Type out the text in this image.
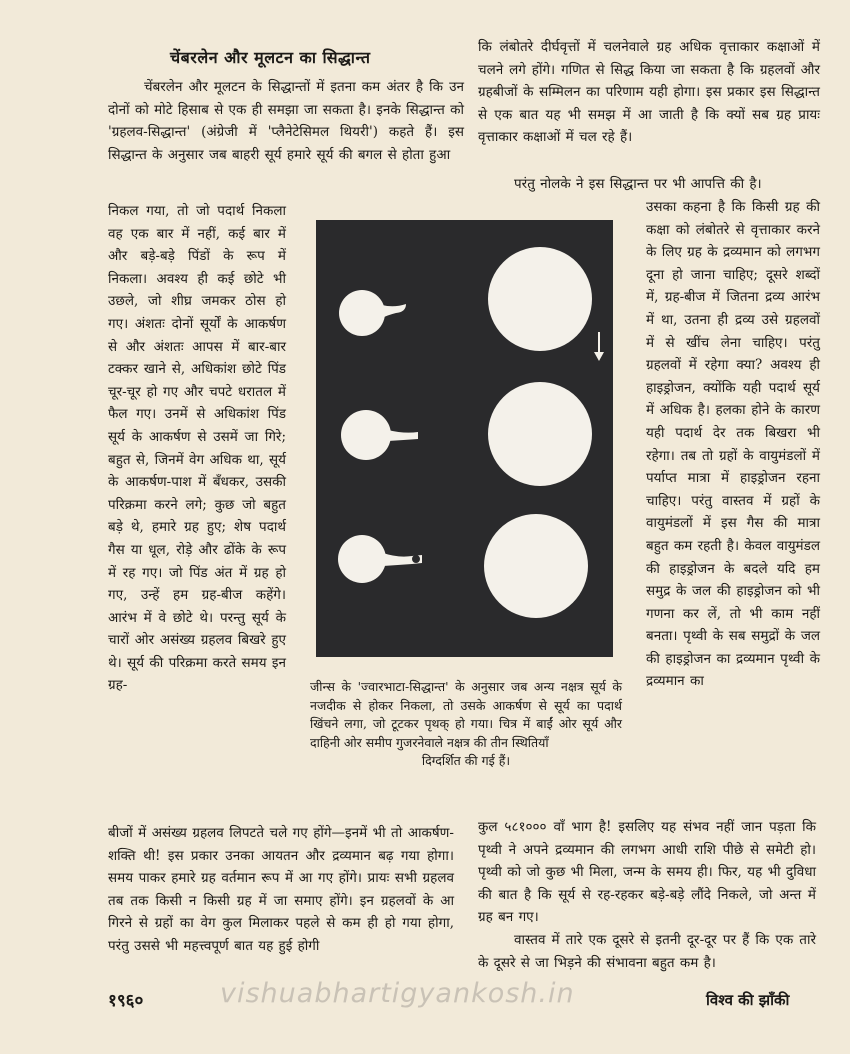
चेंबरलेन और मूलटन का सिद्धान्त

चेंबरलेन और मूलटन के सिद्धान्तों में इतना कम अंतर है कि उन दोनों को मोटे हिसाब से एक ही समझा जा सकता है। इनके सिद्धान्त को 'ग्रहलव-सिद्धान्त' (अंग्रेजी में 'प्लैनेटेसिमल थियरी') कहते हैं। इस सिद्धान्त के अनुसार जब बाहरी सूर्य हमारे सूर्य की बगल से होता हुआ

निकल गया, तो जो पदार्थ निकला वह एक बार में नहीं, कई बार में और बड़े-बड़े पिंडों के रूप में निकला। अवश्य ही कई छोटे भी उछले, जो शीघ्र जमकर ठोस हो गए। अंशतः दोनों सूर्यों के आकर्षण से और अंशतः आपस में बार-बार टक्कर खाने से, अधिकांश छोटे पिंड चूर-चूर हो गए और चपटे धरातल में फैल गए। उनमें से अधिकांश पिंड सूर्य के आकर्षण से उसमें जा गिरे; बहुत से, जिनमें वेग अधिक था, सूर्य के आकर्षण-पाश में बँधकर, उसकी परिक्रमा करने लगे; कुछ जो बहुत बड़े थे, हमारे ग्रह हुए; शेष पदार्थ गैस या धूल, रोड़े और ढोंके के रूप में रह गए। जो पिंड अंत में ग्रह हो गए, उन्हें हम ग्रह-बीज कहेंगे। आरंभ में वे छोटे थे। परन्तु सूर्य के चारों ओर असंख्य ग्रहलव बिखरे हुए थे। सूर्य की परिक्रमा करते समय इन ग्रह-

बीजों में असंख्य ग्रहलव लिपटते चले गए होंगे—इनमें भी तो आकर्षण-शक्ति थी! इस प्रकार उनका आयतन और द्रव्यमान बढ़ गया होगा। समय पाकर हमारे ग्रह वर्तमान रूप में आ गए होंगे। प्रायः सभी ग्रहलव तब तक किसी न किसी ग्रह में जा समाए होंगे। इन ग्रहलवों के आ गिरने से ग्रहों का वेग कुल मिलाकर पहले से कम ही हो गया होगा, परंतु उससे भी महत्त्वपूर्ण बात यह हुई होगी

कि लंबोतरे दीर्घवृत्तों में चलनेवाले ग्रह अधिक वृत्ताकार कक्षाओं में चलने लगे होंगे। गणित से सिद्ध किया जा सकता है कि ग्रहलवों और ग्रहबीजों के सम्मिलन का परिणाम यही होगा। इस प्रकार इस सिद्धान्त से एक बात यह भी समझ में आ जाती है कि क्यों सब ग्रह प्रायः वृत्ताकार कक्षाओं में चल रहे हैं।

परंतु नोलके ने इस सिद्धान्त पर भी आपत्ति की है।

उसका कहना है कि किसी ग्रह की कक्षा को लंबोतरे से वृत्ताकार करने के लिए ग्रह के द्रव्यमान को लगभग दूना हो जाना चाहिए; दूसरे शब्दों में, ग्रह-बीज में जितना द्रव्य आरंभ में था, उतना ही द्रव्य उसे ग्रहलवों में से खींच लेना चाहिए। परंतु ग्रहलवों में रहेगा क्या? अवश्य ही हाइड्रोजन, क्योंकि यही पदार्थ सूर्य में अधिक है। हलका होने के कारण यही पदार्थ देर तक बिखरा भी रहेगा। तब तो ग्रहों के वायुमंडलों में पर्याप्त मात्रा में हाइड्रोजन रहना चाहिए। परंतु वास्तव में ग्रहों के वायुमंडलों में इस गैस की मात्रा बहुत कम रहती है। केवल वायुमंडल की हाइड्रोजन के बदले यदि हम समुद्र के जल की हाइड्रोजन को भी गणना कर लें, तो भी काम नहीं बनता। पृथ्वी के सब समुद्रों के जल की हाइड्रोजन का द्रव्यमान पृथ्वी के द्रव्यमान का

कुल ५८१००० वाँ भाग है! इसलिए यह संभव नहीं जान पड़ता कि पृथ्वी ने अपने द्रव्यमान की लगभग आधी राशि पीछे से समेटी हो। पृथ्वी को जो कुछ भी मिला, जन्म के समय ही। फिर, यह भी दुविधा की बात है कि सूर्य से रह-रहकर बड़े-बड़े लौंदे निकले, जो अन्त में ग्रह बन गए।

वास्तव में तारे एक दूसरे से इतनी दूर-दूर पर हैं कि एक तारे के दूसरे से जा भिड़ने की संभावना बहुत कम है।

जीन्स के 'ज्वारभाटा-सिद्धान्त' के अनुसार जब अन्य नक्षत्र सूर्य के नजदीक से होकर निकला, तो उसके आकर्षण से सूर्य का पदार्थ खिंचने लगा, जो टूटकर पृथक् हो गया। चित्र में बाईं ओर सूर्य और दाहिनी ओर समीप गुजरनेवाले नक्षत्र की तीन स्थितियाँ
दिग्दर्शित की गई हैं।
१९६०	vishuabhartigyankosh.in	विश्व की झाँकी
